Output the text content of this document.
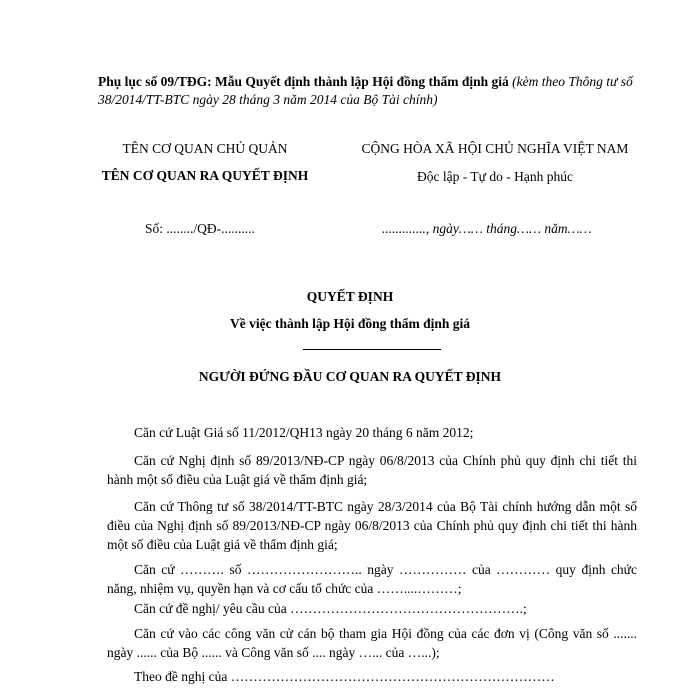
Phụ lục số 09/TĐG: Mẫu Quyết định thành lập Hội đồng thẩm định giá (kèm theo Thông tư số 38/2014/TT-BTC ngày 28 tháng 3 năm 2014 của Bộ Tài chính)
TÊN CƠ QUAN CHỦ QUẢN
TÊN CƠ QUAN RA QUYẾT ĐỊNH
CỘNG HÒA XÃ HỘI CHỦ NGHĨA VIỆT NAM
Độc lập - Tự do - Hạnh phúc
Số: ......../QĐ-..........	............., ngày…… tháng…… năm……
QUYẾT ĐỊNH
Về việc thành lập Hội đồng thẩm định giá
NGƯỜI ĐỨNG ĐẦU CƠ QUAN RA QUYẾT ĐỊNH
Căn cứ Luật Giá số 11/2012/QH13 ngày 20 tháng 6 năm 2012;
Căn cứ Nghị định số 89/2013/NĐ-CP ngày 06/8/2013 của Chính phủ quy định chi tiết thi hành một số điều của Luật giá về thẩm định giá;
Căn cứ Thông tư số 38/2014/TT-BTC ngày 28/3/2014 của Bộ Tài chính hướng dẫn một số điều của Nghị định số 89/2013/NĐ-CP ngày 06/8/2013 của Chính phủ quy định chi tiết thi hành một số điều của Luật giá về thẩm định giá;
Căn cứ ………. số …………………….. ngày …………… của ………… quy định chức năng, nhiệm vụ, quyền hạn và cơ cấu tổ chức của ……....………;
Căn cứ đề nghị/ yêu cầu của …………………………………………….;
Căn cứ vào các công văn cử cán bộ tham gia Hội đồng của các đơn vị (Công văn số ....... ngày ...... của Bộ ...... và Công văn số .... ngày …... của …...);
Theo đề nghị của ………………………………………………………………
